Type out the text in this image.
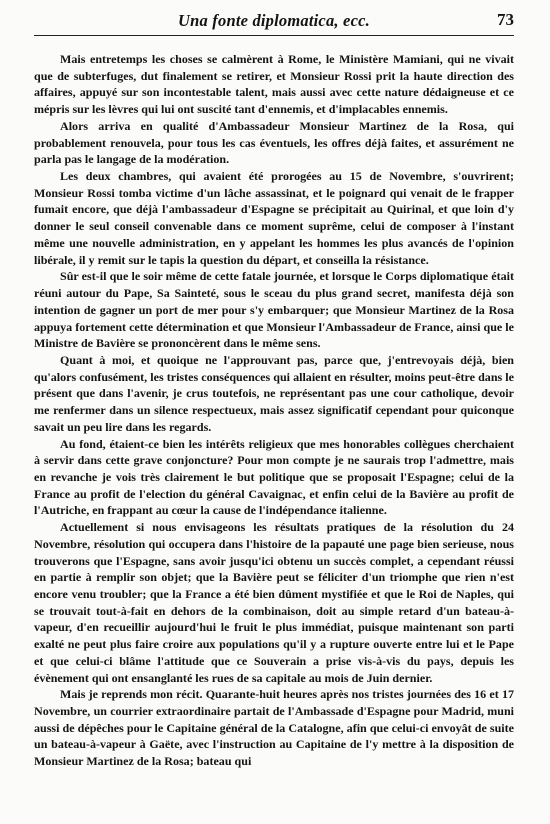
Una fonte diplomatica, ecc.	73

Mais entretemps les choses se calmèrent à Rome, le Ministère Mamiani, qui ne vivait que de subterfuges, dut finalement se retirer, et Monsieur Rossi prit la haute direction des affaires, appuyé sur son incontestable talent, mais aussi avec cette nature dédaigneuse et ce mépris sur les lèvres qui lui ont suscité tant d'ennemis, et d'implacables ennemis.

Alors arriva en qualité d'Ambassadeur Monsieur Martinez de la Rosa, qui probablement renouvela, pour tous les cas éventuels, les offres déjà faites, et assurément ne parla pas le langage de la modération.

Les deux chambres, qui avaient été prorogées au 15 de Novembre, s'ouvrirent; Monsieur Rossi tomba victime d'un lâche assassinat, et le poignard qui venait de le frapper fumait encore, que déjà l'ambassadeur d'Espagne se précipitait au Quirinal, et que loin d'y donner le seul conseil convenable dans ce moment suprême, celui de composer à l'instant même une nouvelle administration, en y appelant les hommes les plus avancés de l'opinion libérale, il y remit sur le tapis la question du départ, et conseilla la résistance.

Sûr est-il que le soir même de cette fatale journée, et lorsque le Corps diplomatique était réuni autour du Pape, Sa Sainteté, sous le sceau du plus grand secret, manifesta déjà son intention de gagner un port de mer pour s'y embarquer; que Monsieur Martinez de la Rosa appuya fortement cette détermination et que Monsieur l'Ambassadeur de France, ainsi que le Ministre de Bavière se prononcèrent dans le même sens.

Quant à moi, et quoique ne l'approuvant pas, parce que, j'entrevoyais déjà, bien qu'alors confusément, les tristes conséquences qui allaient en résulter, moins peut-être dans le présent que dans l'avenir, je crus toutefois, ne représentant pas une cour catholique, devoir me renfermer dans un silence respectueux, mais assez significatif cependant pour quiconque savait un peu lire dans les regards.

Au fond, étaient-ce bien les intérêts religieux que mes honorables collègues cherchaient à servir dans cette grave conjoncture? Pour mon compte je ne saurais trop l'admettre, mais en revanche je vois très clairement le but politique que se proposait l'Espagne; celui de la France au profit de l'election du général Cavaignac, et enfin celui de la Bavière au profit de l'Autriche, en frappant au cœur la cause de l'indépendance italienne.

Actuellement si nous envisageons les résultats pratiques de la résolution du 24 Novembre, résolution qui occupera dans l'histoire de la papauté une page bien serieuse, nous trouverons que l'Espagne, sans avoir jusqu'ici obtenu un succès complet, a cependant réussi en partie à remplir son objet; que la Bavière peut se féliciter d'un triomphe que rien n'est encore venu troubler; que la France a été bien dûment mystifiée et que le Roi de Naples, qui se trouvait tout-à-fait en dehors de la combinaison, doit au simple retard d'un bateau-à-vapeur, d'en recueillir aujourd'hui le fruit le plus immédiat, puisque maintenant son parti exalté ne peut plus faire croire aux populations qu'il y a rupture ouverte entre lui et le Pape et que celui-ci blâme l'attitude que ce Souverain a prise vis-à-vis du pays, depuis les évènement qui ont ensanglanté les rues de sa capitale au mois de Juin dernier.

Mais je reprends mon récit. Quarante-huit heures après nos tristes journées des 16 et 17 Novembre, un courrier extraordinaire partait de l'Ambassade d'Espagne pour Madrid, muni aussi de dépêches pour le Capitaine général de la Catalogne, afin que celui-ci envoyât de suite un bateau-à-vapeur à Gaëte, avec l'instruction au Capitaine de l'y mettre à la disposition de Monsieur Martinez de la Rosa; bateau qui
